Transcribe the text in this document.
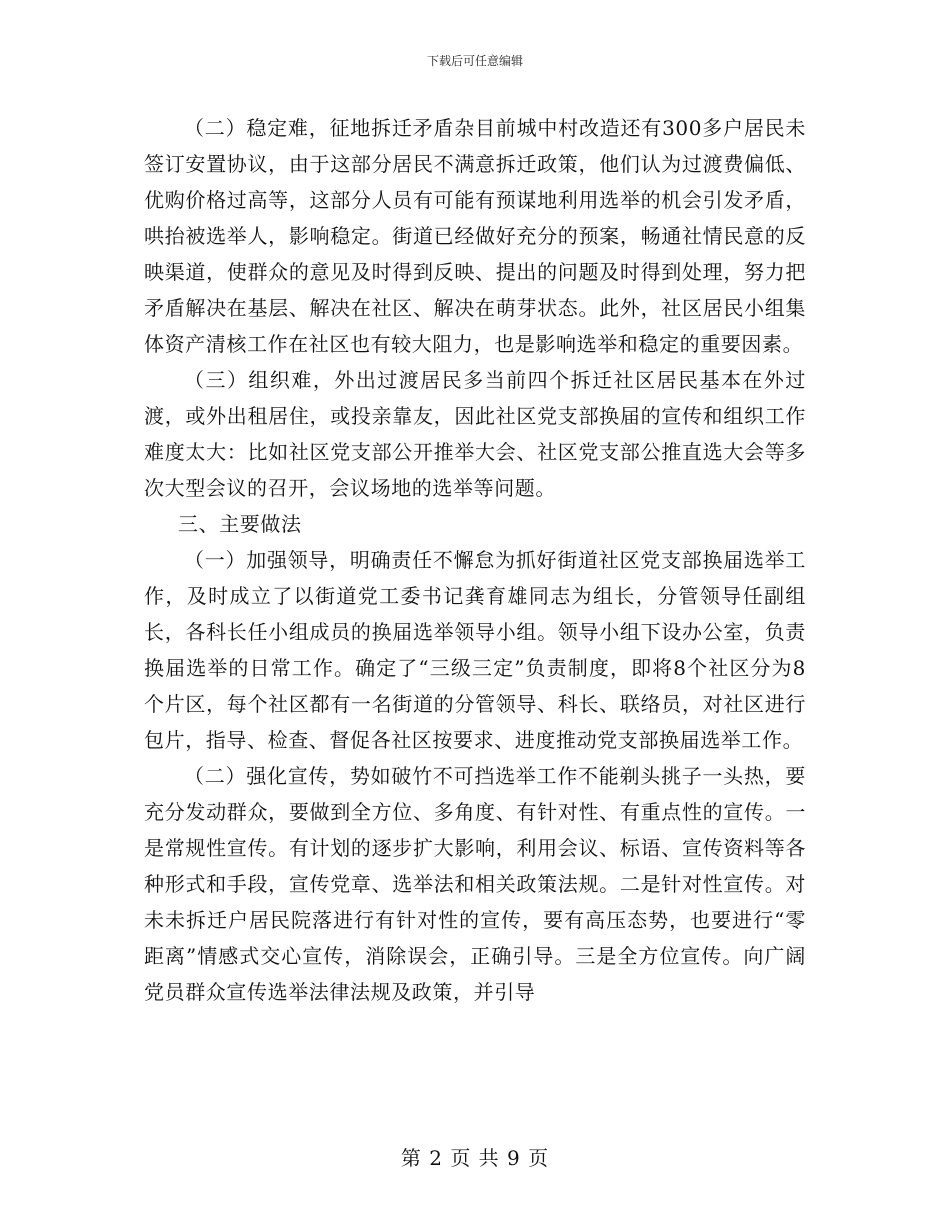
下载后可任意编辑

（二）稳定难，征地拆迁矛盾杂目前城中村改造还有300多户居民未签订安置协议，由于这部分居民不满意拆迁政策，他们认为过渡费偏低、优购价格过高等，这部分人员有可能有预谋地利用选举的机会引发矛盾，哄抬被选举人，影响稳定。街道已经做好充分的预案，畅通社情民意的反映渠道，使群众的意见及时得到反映、提出的问题及时得到处理，努力把矛盾解决在基层、解决在社区、解决在萌芽状态。此外，社区居民小组集体资产清核工作在社区也有较大阻力，也是影响选举和稳定的重要因素。

（三）组织难，外出过渡居民多当前四个拆迁社区居民基本在外过渡，或外出租居住，或投亲靠友，因此社区党支部换届的宣传和组织工作难度太大：比如社区党支部公开推举大会、社区党支部公推直选大会等多次大型会议的召开，会议场地的选举等问题。

三、主要做法

（一）加强领导，明确责任不懈怠为抓好街道社区党支部换届选举工作，及时成立了以街道党工委书记龚育雄同志为组长，分管领导任副组长，各科长任小组成员的换届选举领导小组。领导小组下设办公室，负责换届选举的日常工作。确定了“三级三定”负责制度，即将8个社区分为8个片区，每个社区都有一名街道的分管领导、科长、联络员，对社区进行包片，指导、检查、督促各社区按要求、进度推动党支部换届选举工作。

（二）强化宣传，势如破竹不可挡选举工作不能剃头挑子一头热，要充分发动群众，要做到全方位、多角度、有针对性、有重点性的宣传。一是常规性宣传。有计划的逐步扩大影响，利用会议、标语、宣传资料等各种形式和手段，宣传党章、选举法和相关政策法规。二是针对性宣传。对未未拆迁户居民院落进行有针对性的宣传，要有高压态势，也要进行“零距离”情感式交心宣传，消除误会，正确引导。三是全方位宣传。向广阔党员群众宣传选举法律法规及政策，并引导

第 2 页 共 9 页
